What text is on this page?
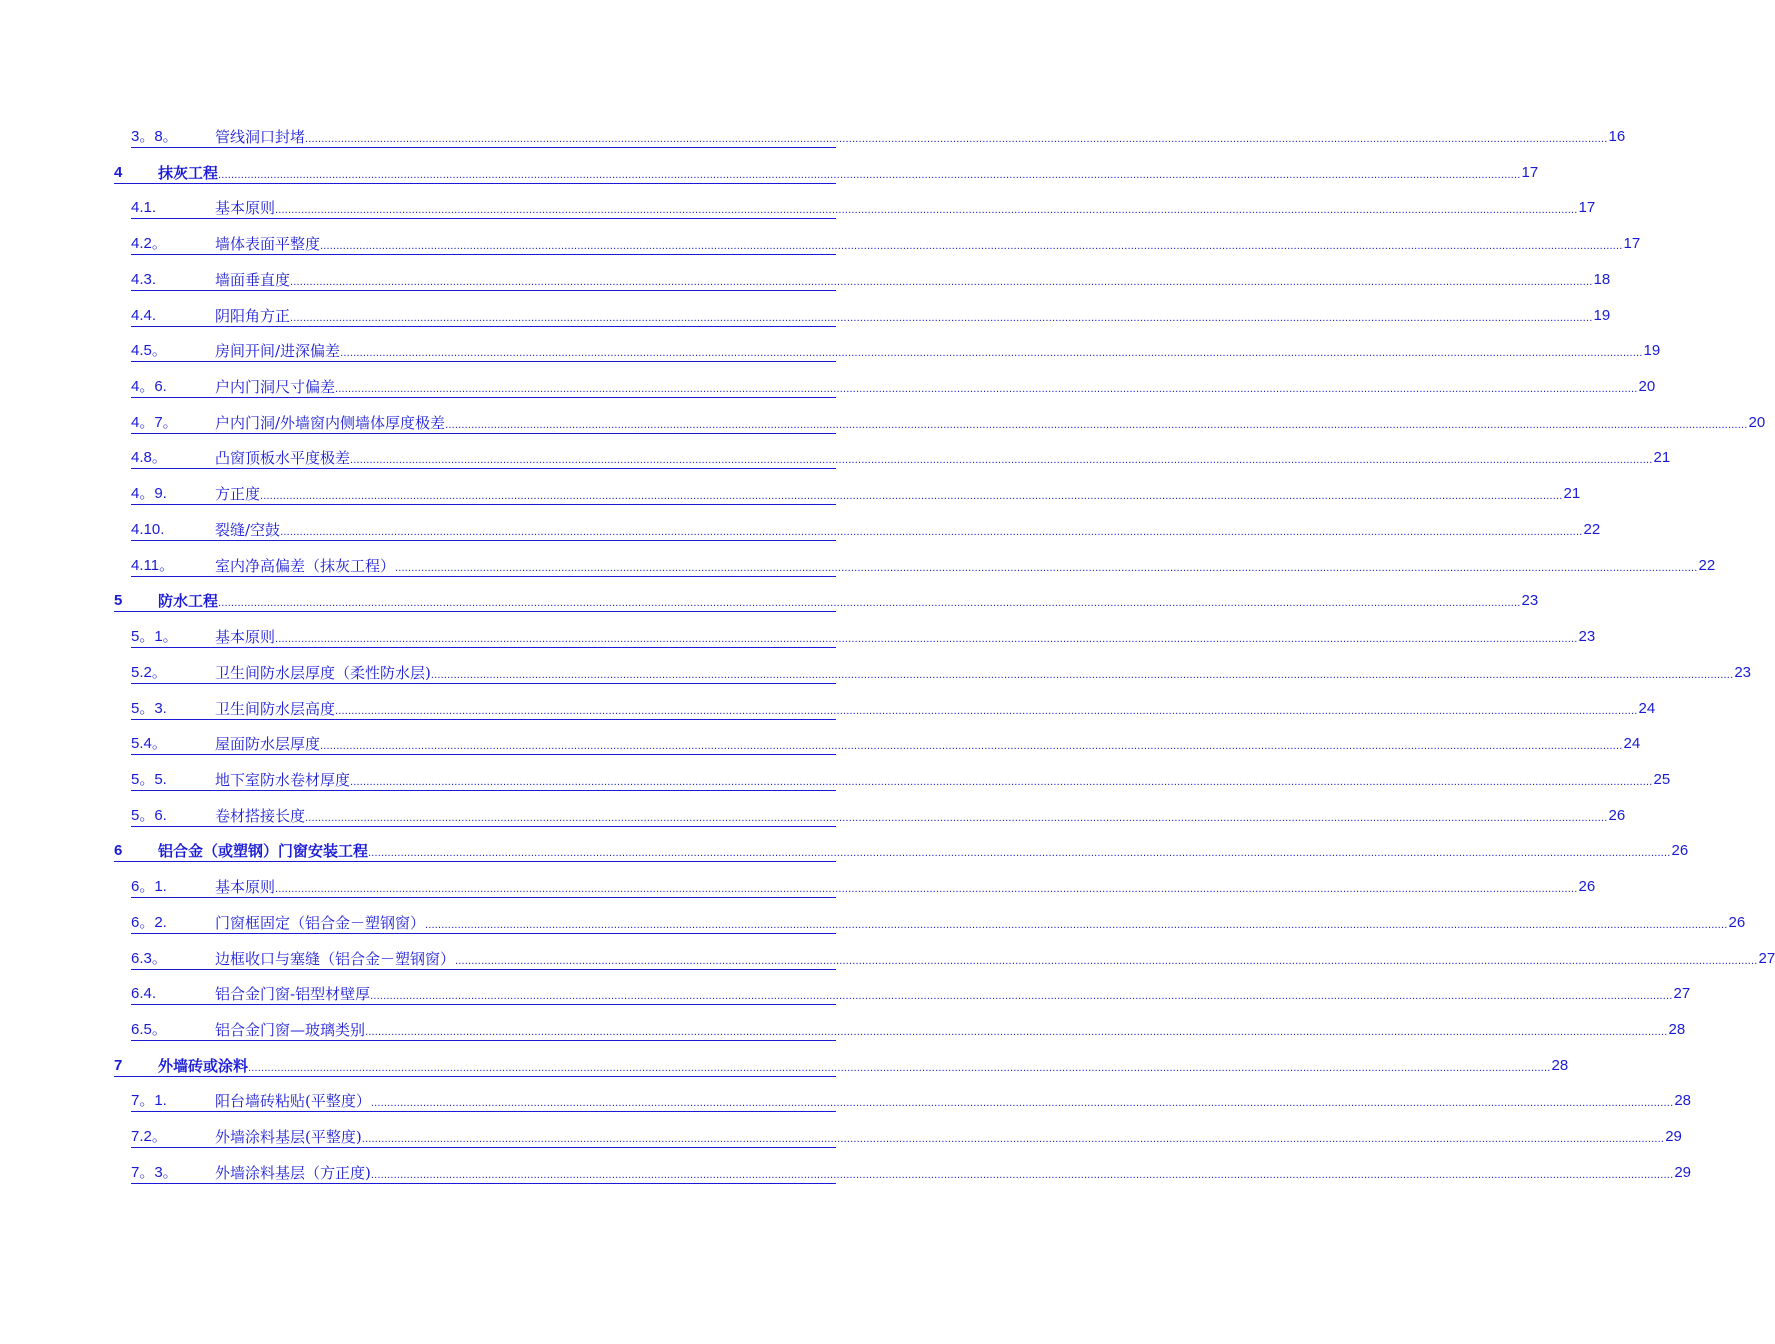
3。8。	管线洞口封堵 ................................................................................................................................................................................................................................................................................................................................................................................................................ 16
4	抹灰工程 ................................................................................................................................................................................................................................................................................................................................................................................................................ 17
4.1.	基本原则 ................................................................................................................................................................................................................................................................................................................................................................................................................ 17
4.2。	墙体表面平整度 ................................................................................................................................................................................................................................................................................................................................................................................................................ 17
4.3.	墙面垂直度 ................................................................................................................................................................................................................................................................................................................................................................................................................ 18
4.4.	阴阳角方正 ................................................................................................................................................................................................................................................................................................................................................................................................................ 19
4.5。	房间开间/进深偏差 ................................................................................................................................................................................................................................................................................................................................................................................................................ 19
4。6.	户内门洞尺寸偏差 ................................................................................................................................................................................................................................................................................................................................................................................................................ 20
4。7。	户内门洞/外墙窗内侧墙体厚度极差 ................................................................................................................................................................................................................................................................................................................................................................................................................ 20
4.8。	凸窗顶板水平度极差 ................................................................................................................................................................................................................................................................................................................................................................................................................ 21
4。9.	方正度 ................................................................................................................................................................................................................................................................................................................................................................................................................ 21
4.10.	裂缝/空鼓 ................................................................................................................................................................................................................................................................................................................................................................................................................ 22
4.11。	室内净高偏差（抹灰工程） ................................................................................................................................................................................................................................................................................................................................................................................................................ 22
5	防水工程 ................................................................................................................................................................................................................................................................................................................................................................................................................ 23
5。1。	基本原则 ................................................................................................................................................................................................................................................................................................................................................................................................................ 23
5.2。	卫生间防水层厚度（柔性防水层) ................................................................................................................................................................................................................................................................................................................................................................................................................ 23
5。3.	卫生间防水层高度 ................................................................................................................................................................................................................................................................................................................................................................................................................ 24
5.4。	屋面防水层厚度 ................................................................................................................................................................................................................................................................................................................................................................................................................ 24
5。5.	地下室防水卷材厚度 ................................................................................................................................................................................................................................................................................................................................................................................................................ 25
5。6.	卷材搭接长度 ................................................................................................................................................................................................................................................................................................................................................................................................................ 26
6	铝合金（或塑钢）门窗安装工程 ................................................................................................................................................................................................................................................................................................................................................................................................................ 26
6。1.	基本原则 ................................................................................................................................................................................................................................................................................................................................................................................................................ 26
6。2.	门窗框固定（铝合金－塑钢窗） ................................................................................................................................................................................................................................................................................................................................................................................................................ 26
6.3。	边框收口与塞缝（铝合金－塑钢窗） ................................................................................................................................................................................................................................................................................................................................................................................................................ 27
6.4.	铝合金门窗-铝型材壁厚 ................................................................................................................................................................................................................................................................................................................................................................................................................ 27
6.5。	铝合金门窗—玻璃类别 ................................................................................................................................................................................................................................................................................................................................................................................................................ 28
7	外墙砖或涂料 ................................................................................................................................................................................................................................................................................................................................................................................................................ 28
7。1.	阳台墙砖粘贴(平整度） ................................................................................................................................................................................................................................................................................................................................................................................................................ 28
7.2。	外墙涂料基层(平整度) ................................................................................................................................................................................................................................................................................................................................................................................................................ 29
7。3。	外墙涂料基层（方正度) ................................................................................................................................................................................................................................................................................................................................................................................................................ 29
